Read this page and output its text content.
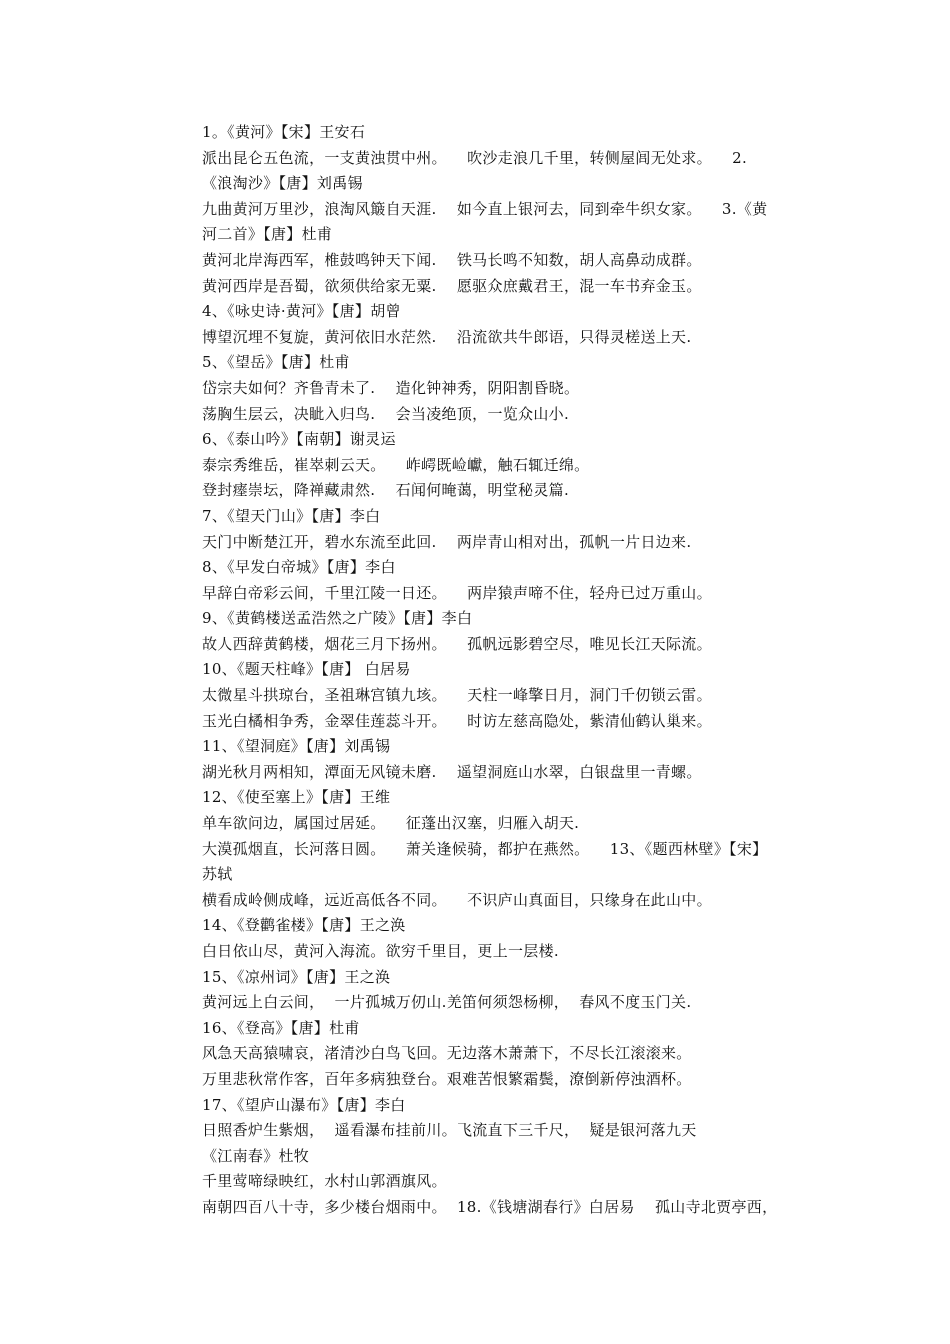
1。《黄河》【宋】王安石
派出昆仑五色流，一支黄浊贯中州。    吹沙走浪几千里，转侧屋闾无处求。    2.
《浪淘沙》【唐】刘禹锡
九曲黄河万里沙，浪淘风簸自天涯.    如今直上银河去，同到牵牛织女家。    3.《黄
河二首》【唐】杜甫
黄河北岸海西军，椎鼓鸣钟天下闻.    铁马长鸣不知数，胡人高鼻动成群。
黄河西岸是吾蜀，欲须供给家无粟.    愿驱众庶戴君王，混一车书弃金玉。
4、《咏史诗·黄河》【唐】胡曾
博望沉埋不复旋，黄河依旧水茫然.    沿流欲共牛郎语，只得灵槎送上天.
5、《望岳》【唐】杜甫
岱宗夫如何？齐鲁青未了.    造化钟神秀，阴阳割昏晓。
荡胸生层云，决眦入归鸟.    会当凌绝顶，一览众山小.
6、《泰山吟》【南朝】谢灵运
泰宗秀维岳，崔崒刺云天。    岞崿既崄巘，触石辄迁绵。
登封瘗崇坛，降禅藏肃然.    石闻何晻蔼，明堂秘灵篇.
7、《望天门山》【唐】李白
天门中断楚江开，碧水东流至此回.    两岸青山相对出，孤帆一片日边来.
8、《早发白帝城》【唐】李白
早辞白帝彩云间，千里江陵一日还。    两岸猿声啼不住，轻舟已过万重山。
9、《黄鹤楼送孟浩然之广陵》【唐】李白
故人西辞黄鹤楼，烟花三月下扬州。    孤帆远影碧空尽，唯见长江天际流。
10、《题天柱峰》【唐】 白居易
太微星斗拱琼台，圣祖琳宫镇九垓。    天柱一峰擎日月，洞门千仞锁云雷。
玉光白橘相争秀，金翠佳莲蕊斗开。    时访左慈高隐处，紫清仙鹤认巢来。
11、《望洞庭》【唐】刘禹锡
湖光秋月两相知，潭面无风镜未磨.    遥望洞庭山水翠，白银盘里一青螺。
12、《使至塞上》【唐】王维
单车欲问边，属国过居延。    征蓬出汉塞，归雁入胡天.
大漠孤烟直，长河落日圆。    萧关逢候骑，都护在燕然。    13、《题西林壁》【宋】
苏轼
横看成岭侧成峰，远近高低各不同。    不识庐山真面目，只缘身在此山中。
14、《登鹳雀楼》【唐】王之涣
白日依山尽，黄河入海流。欲穷千里目，更上一层楼.
15、《凉州词》【唐】王之涣
黄河远上白云间，  一片孤城万仞山.羌笛何须怨杨柳，  春风不度玉门关.
16、《登高》【唐】杜甫
风急天高猿啸哀，渚清沙白鸟飞回。无边落木萧萧下，不尽长江滚滚来。
万里悲秋常作客，百年多病独登台。艰难苦恨繁霜鬓，潦倒新停浊酒杯。
17、《望庐山瀑布》【唐】李白
日照香炉生紫烟，  遥看瀑布挂前川。飞流直下三千尺，  疑是银河落九天
《江南春》杜牧
千里莺啼绿映红，水村山郭酒旗风。
南朝四百八十寺，多少楼台烟雨中。  18.《钱塘湖春行》白居易    孤山寺北贾亭西，
